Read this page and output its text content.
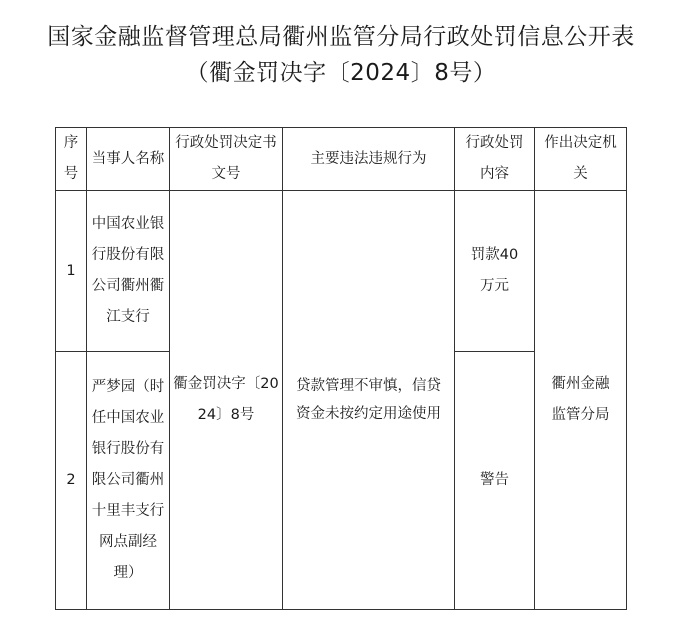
国家金融监督管理总局衢州监管分局行政处罚信息公开表
（衢金罚决字〔2024〕8号）
序号	当事人名称	行政处罚决定书文号	主要违法违规行为	行政处罚内容	作出决定机关
1	中国农业银行股份有限公司衢州衢江支行	衢金罚决字〔2024〕8号	贷款管理不审慎，信贷资金未按约定用途使用	罚款40万元	衢州金融监管分局
2	严梦园（时任中国农业银行股份有限公司衢州十里丰支行网点副经理）			警告	
